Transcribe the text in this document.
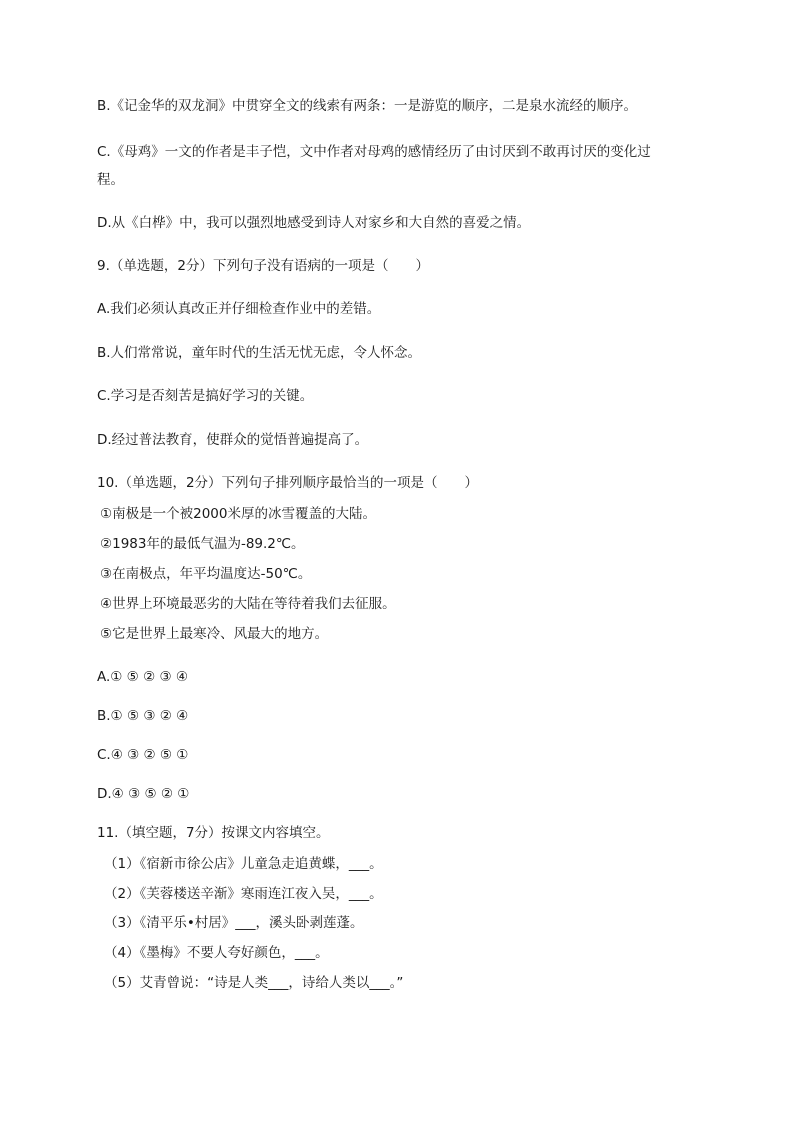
B.《记金华的双龙洞》中贯穿全文的线索有两条：一是游览的顺序，二是泉水流经的顺序。
C.《母鸡》一文的作者是丰子恺，文中作者对母鸡的感情经历了由讨厌到不敢再讨厌的变化过
程。
D.从《白桦》中，我可以强烈地感受到诗人对家乡和大自然的喜爱之情。
9.（单选题，2分）下列句子没有语病的一项是（　　）
A.我们必须认真改正并仔细检查作业中的差错。
B.人们常常说，童年时代的生活无忧无虑，令人怀念。
C.学习是否刻苦是搞好学习的关键。
D.经过普法教育，使群众的觉悟普遍提高了。
10.（单选题，2分）下列句子排列顺序最恰当的一项是（　　）
①南极是一个被2000米厚的冰雪覆盖的大陆。
②1983年的最低气温为-89.2℃。
③在南极点，年平均温度达-50℃。
④世界上环境最恶劣的大陆在等待着我们去征服。
⑤它是世界上最寒冷、风最大的地方。
A.① ⑤ ② ③ ④
B.① ⑤ ③ ② ④
C.④ ③ ② ⑤ ①
D.④ ③ ⑤ ② ①
11.（填空题，7分）按课文内容填空。
（1）《宿新市徐公店》儿童急走追黄蝶，___。
（2）《芙蓉楼送辛渐》寒雨连江夜入吴，___。
（3）《清平乐•村居》___，溪头卧剥莲蓬。
（4）《墨梅》不要人夸好颜色，___。
（5）艾青曾说：“诗是人类___，诗给人类以___。”
